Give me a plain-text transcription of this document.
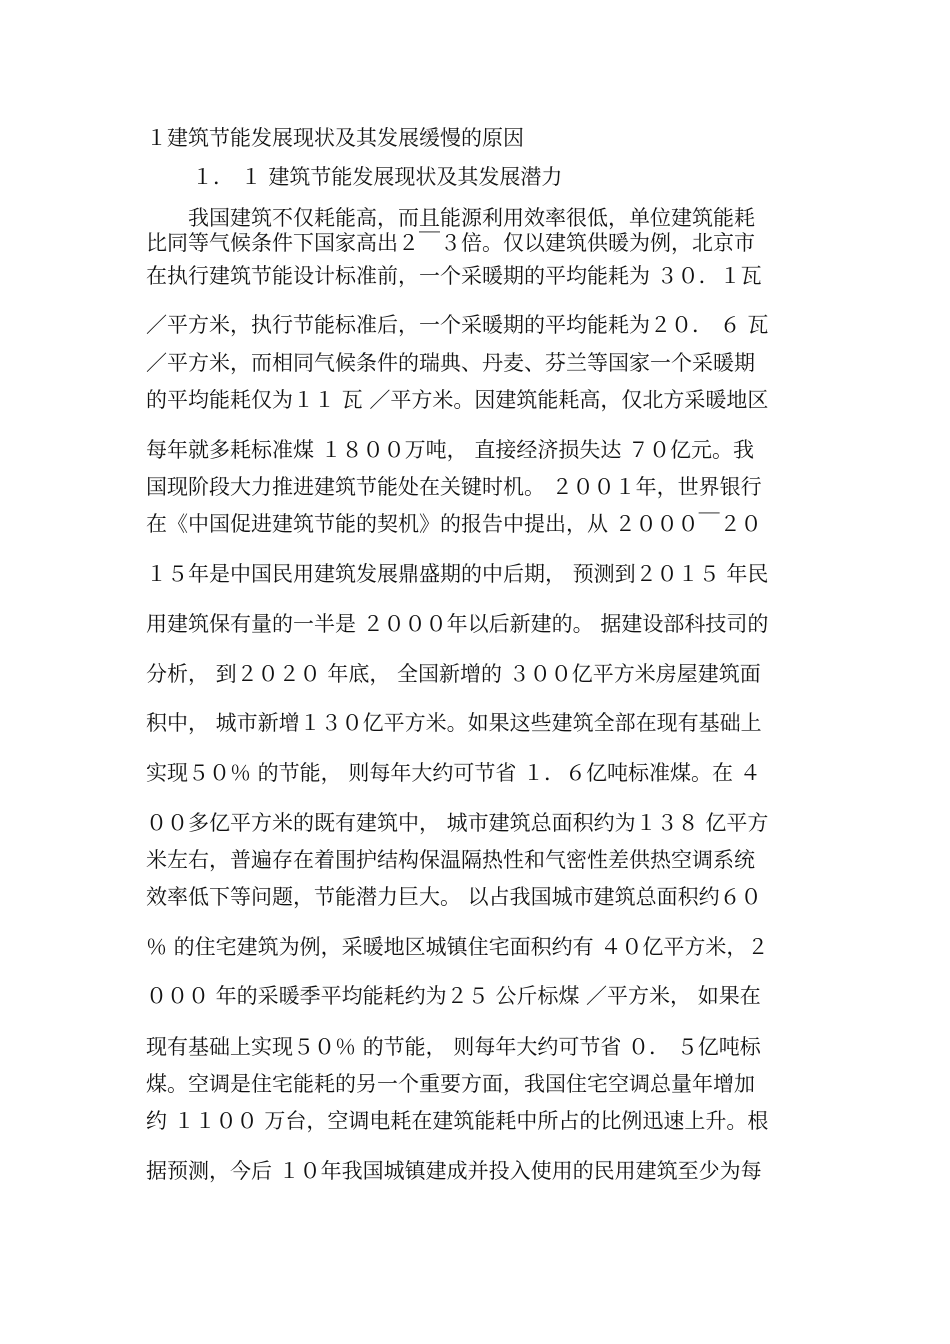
１建筑节能发展现状及其发展缓慢的原因
１． １ 建筑节能发展现状及其发展潜力
　　我国建筑不仅耗能高，而且能源利用效率很低，单位建筑能耗
比同等气候条件下国家高出２￣３倍。仅以建筑供暖为例，北京市
在执行建筑节能设计标准前，一个采暖期的平均能耗为 ３０．１瓦
／平方米，执行节能标准后，一个采暖期的平均能耗为２０． ６ 瓦
／平方米，而相同气候条件的瑞典、丹麦、芬兰等国家一个采暖期
的平均能耗仅为１１ 瓦 ／平方米。因建筑能耗高，仅北方采暖地区
每年就多耗标准煤 １８００万吨， 直接经济损失达 ７０亿元。我
国现阶段大力推进建筑节能处在关键时机。 ２００１年，世界银行
在《中国促进建筑节能的契机》的报告中提出，从 ２０００￣２０
１５年是中国民用建筑发展鼎盛期的中后期， 预测到２０１５ 年民
用建筑保有量的一半是 ２０００年以后新建的。 据建设部科技司的
分析， 到２０２０ 年底， 全国新增的 ３００亿平方米房屋建筑面
积中， 城市新增１３０亿平方米。如果这些建筑全部在现有基础上
实现５０％ 的节能， 则每年大约可节省 １．６亿吨标准煤。在 ４
００多亿平方米的既有建筑中， 城市建筑总面积约为１３８ 亿平方
米左右，普遍存在着围护结构保温隔热性和气密性差供热空调系统
效率低下等问题，节能潜力巨大。 以占我国城市建筑总面积约６０
％ 的住宅建筑为例，采暖地区城镇住宅面积约有 ４０亿平方米，２
０００ 年的采暖季平均能耗约为２５ 公斤标煤 ／平方米， 如果在
现有基础上实现５０％ 的节能， 则每年大约可节省 ０． ５亿吨标
煤。空调是住宅能耗的另一个重要方面，我国住宅空调总量年增加
约 １１００ 万台，空调电耗在建筑能耗中所占的比例迅速上升。根
据预测，今后 １０年我国城镇建成并投入使用的民用建筑至少为每
